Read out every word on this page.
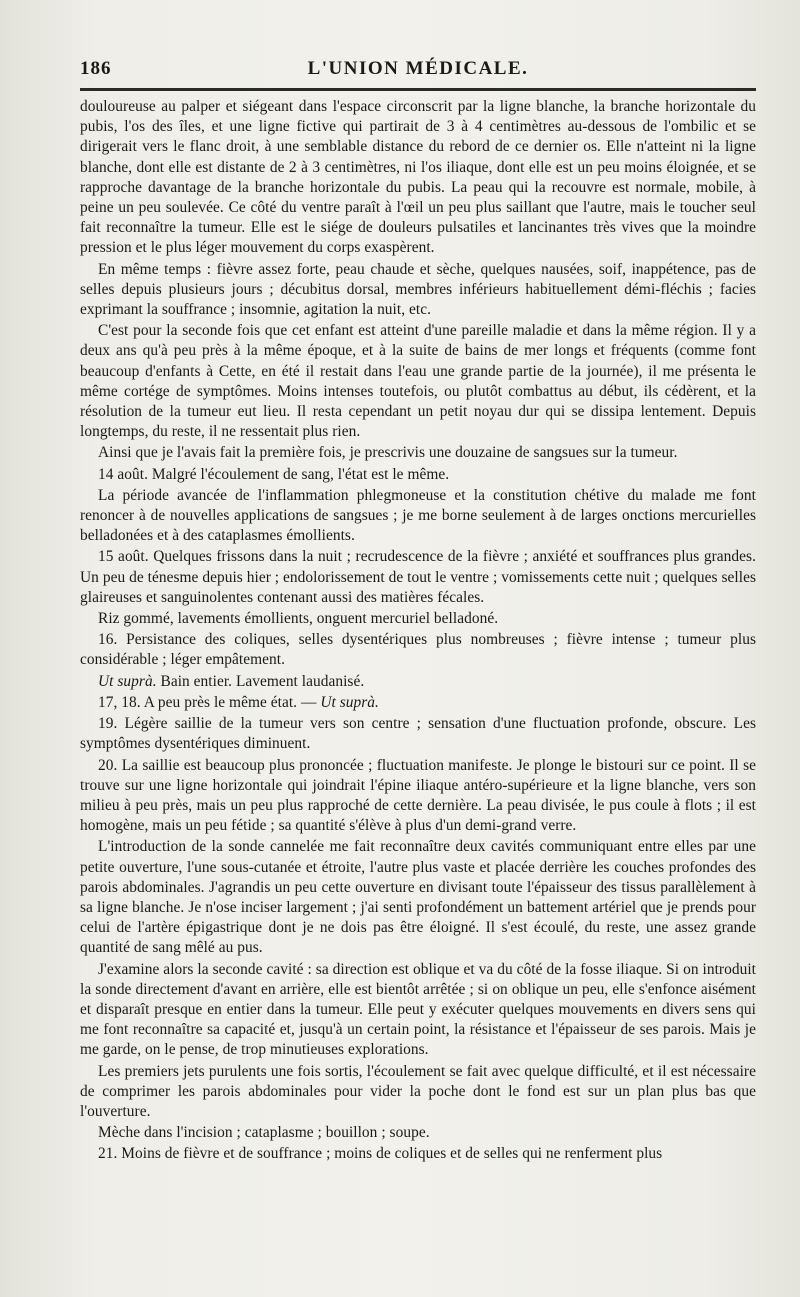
186	L'UNION MÉDICALE.

douloureuse au palper et siégeant dans l'espace circonscrit par la ligne blanche, la branche horizontale du pubis, l'os des îles, et une ligne fictive qui partirait de 3 à 4 centimètres au-dessous de l'ombilic et se dirigerait vers le flanc droit, à une semblable distance du rebord de ce dernier os. Elle n'atteint ni la ligne blanche, dont elle est distante de 2 à 3 centimètres, ni l'os iliaque, dont elle est un peu moins éloignée, et se rapproche davantage de la branche horizontale du pubis. La peau qui la recouvre est normale, mobile, à peine un peu soulevée. Ce côté du ventre paraît à l'œil un peu plus saillant que l'autre, mais le toucher seul fait reconnaître la tumeur. Elle est le siége de douleurs pulsatiles et lancinantes très vives que la moindre pression et le plus léger mouvement du corps exaspèrent.

En même temps : fièvre assez forte, peau chaude et sèche, quelques nausées, soif, inappétence, pas de selles depuis plusieurs jours ; décubitus dorsal, membres inférieurs habituellement démi-fléchis ; facies exprimant la souffrance ; insomnie, agitation la nuit, etc.

C'est pour la seconde fois que cet enfant est atteint d'une pareille maladie et dans la même région. Il y a deux ans qu'à peu près à la même époque, et à la suite de bains de mer longs et fréquents (comme font beaucoup d'enfants à Cette, en été il restait dans l'eau une grande partie de la journée), il me présenta le même cortége de symptômes. Moins intenses toutefois, ou plutôt combattus au début, ils cédèrent, et la résolution de la tumeur eut lieu. Il resta cependant un petit noyau dur qui se dissipa lentement. Depuis longtemps, du reste, il ne ressentait plus rien.

Ainsi que je l'avais fait la première fois, je prescrivis une douzaine de sangsues sur la tumeur.

14 août. Malgré l'écoulement de sang, l'état est le même.

La période avancée de l'inflammation phlegmoneuse et la constitution chétive du malade me font renoncer à de nouvelles applications de sangsues ; je me borne seulement à de larges onctions mercurielles belladonées et à des cataplasmes émollients.

15 août. Quelques frissons dans la nuit ; recrudescence de la fièvre ; anxiété et souffrances plus grandes. Un peu de ténesme depuis hier ; endolorissement de tout le ventre ; vomissements cette nuit ; quelques selles glaireuses et sanguinolentes contenant aussi des matières fécales.

Riz gommé, lavements émollients, onguent mercuriel belladoné.

16. Persistance des coliques, selles dysentériques plus nombreuses ; fièvre intense ; tumeur plus considérable ; léger empâtement.

Ut suprà. Bain entier. Lavement laudanisé.

17, 18. A peu près le même état. — Ut suprà.

19. Légère saillie de la tumeur vers son centre ; sensation d'une fluctuation profonde, obscure. Les symptômes dysentériques diminuent.

20. La saillie est beaucoup plus prononcée ; fluctuation manifeste. Je plonge le bistouri sur ce point. Il se trouve sur une ligne horizontale qui joindrait l'épine iliaque antéro-supérieure et la ligne blanche, vers son milieu à peu près, mais un peu plus rapproché de cette dernière. La peau divisée, le pus coule à flots ; il est homogène, mais un peu fétide ; sa quantité s'élève à plus d'un demi-grand verre.

L'introduction de la sonde cannelée me fait reconnaître deux cavités communiquant entre elles par une petite ouverture, l'une sous-cutanée et étroite, l'autre plus vaste et placée derrière les couches profondes des parois abdominales. J'agrandis un peu cette ouverture en divisant toute l'épaisseur des tissus parallèlement à sa ligne blanche. Je n'ose inciser largement ; j'ai senti profondément un battement artériel que je prends pour celui de l'artère épigastrique dont je ne dois pas être éloigné. Il s'est écoulé, du reste, une assez grande quantité de sang mêlé au pus.

J'examine alors la seconde cavité : sa direction est oblique et va du côté de la fosse iliaque. Si on introduit la sonde directement d'avant en arrière, elle est bientôt arrêtée ; si on oblique un peu, elle s'enfonce aisément et disparaît presque en entier dans la tumeur. Elle peut y exécuter quelques mouvements en divers sens qui me font reconnaître sa capacité et, jusqu'à un certain point, la résistance et l'épaisseur de ses parois. Mais je me garde, on le pense, de trop minutieuses explorations.

Les premiers jets purulents une fois sortis, l'écoulement se fait avec quelque difficulté, et il est nécessaire de comprimer les parois abdominales pour vider la poche dont le fond est sur un plan plus bas que l'ouverture.

Mèche dans l'incision ; cataplasme ; bouillon ; soupe.

21. Moins de fièvre et de souffrance ; moins de coliques et de selles qui ne renferment plus
